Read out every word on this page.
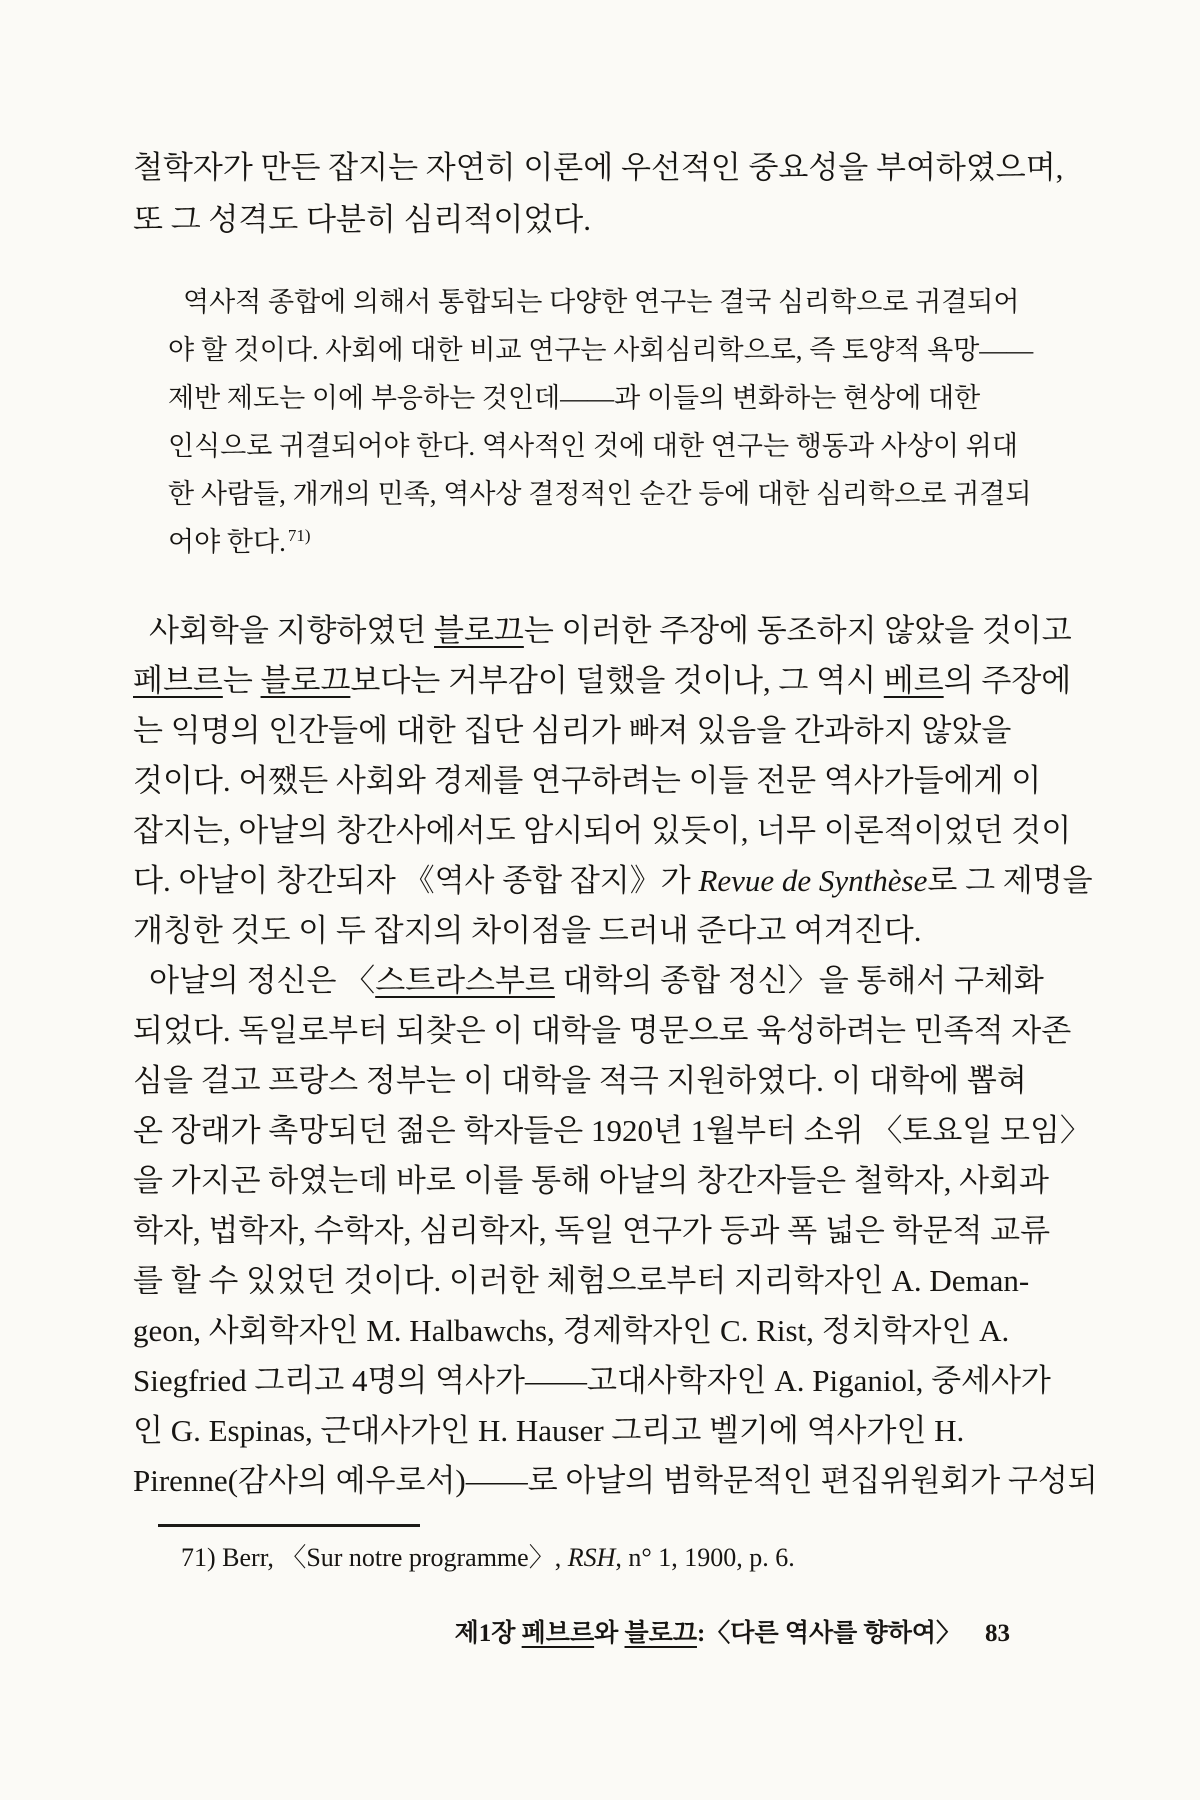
철학자가 만든 잡지는 자연히 이론에 우선적인 중요성을 부여하였으며,
또 그 성격도 다분히 심리적이었다.

역사적 종합에 의해서 통합되는 다양한 연구는 결국 심리학으로 귀결되어
야 할 것이다. 사회에 대한 비교 연구는 사회심리학으로, 즉 토양적 욕망——
제반 제도는 이에 부응하는 것인데——과 이들의 변화하는 현상에 대한
인식으로 귀결되어야 한다. 역사적인 것에 대한 연구는 행동과 사상이 위대
한 사람들, 개개의 민족, 역사상 결정적인 순간 등에 대한 심리학으로 귀결되
어야 한다. $^{71)}$

사회학을 지향하였던 블로끄는 이러한 주장에 동조하지 않았을 것이고
페브르는 블로끄보다는 거부감이 덜했을 것이나, 그 역시 베르의 주장에
는 익명의 인간들에 대한 집단 심리가 빠져 있음을 간과하지 않았을
것이다. 어쨌든 사회와 경제를 연구하려는 이들 전문 역사가들에게 이
잡지는, 아날의 창간사에서도 암시되어 있듯이, 너무 이론적이었던 것이
다. 아날이 창간되자 《역사 종합 잡지》가 Revue de Synthèse로 그 제명을
개칭한 것도 이 두 잡지의 차이점을 드러내 준다고 여겨진다.

아날의 정신은 〈스트라스부르 대학의 종합 정신〉을 통해서 구체화
되었다. 독일로부터 되찾은 이 대학을 명문으로 육성하려는 민족적 자존
심을 걸고 프랑스 정부는 이 대학을 적극 지원하였다. 이 대학에 뽑혀
온 장래가 촉망되던 젊은 학자들은 1920년 1월부터 소위 〈토요일 모임〉
을 가지곤 하였는데 바로 이를 통해 아날의 창간자들은 철학자, 사회과
학자, 법학자, 수학자, 심리학자, 독일 연구가 등과 폭 넓은 학문적 교류
를 할 수 있었던 것이다. 이러한 체험으로부터 지리학자인 A. Deman-
geon, 사회학자인 M. Halbawchs, 경제학자인 C. Rist, 정치학자인 A.
Siegfried 그리고 4명의 역사가——고대사학자인 A. Piganiol, 중세사가
인 G. Espinas, 근대사가인 H. Hauser 그리고 벨기에 역사가인 H.
Pirenne(감사의 예우로서)——로 아날의 범학문적인 편집위원회가 구성되

71) Berr, 〈Sur notre programme〉, RSH, n° 1, 1900, p. 6.

제1장 페브르와 블로끄:〈다른 역사를 향하여〉 83
